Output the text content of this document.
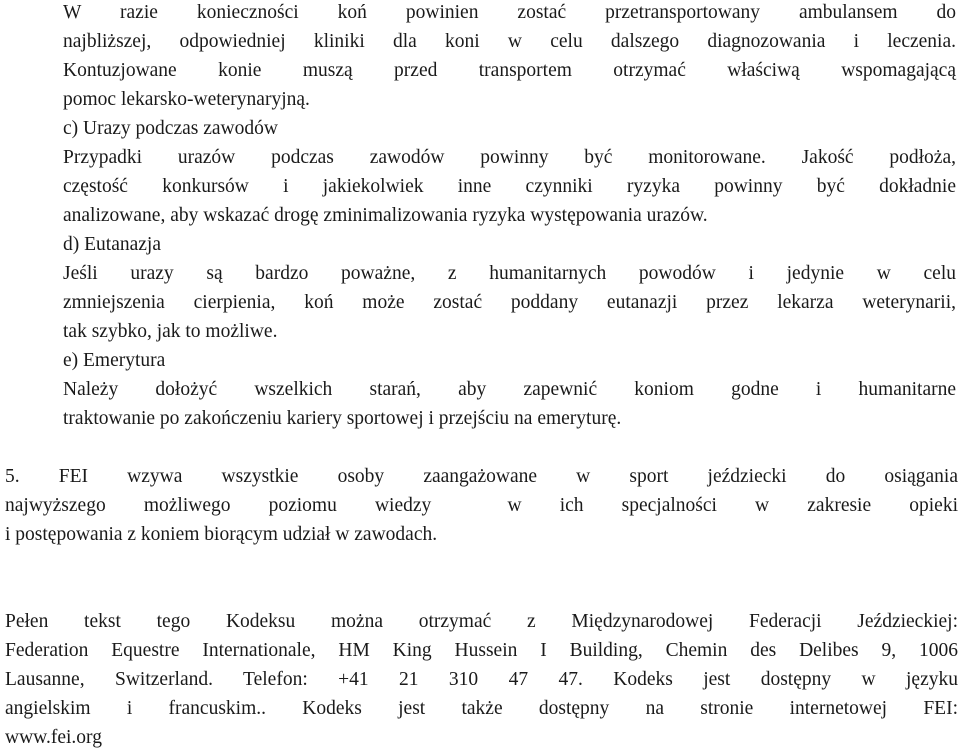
W razie konieczności koń powinien zostać przetransportowany ambulansem do
najbliższej, odpowiedniej kliniki dla koni w celu dalszego diagnozowania i leczenia.
Kontuzjowane konie muszą przed transportem otrzymać właściwą wspomagającą
pomoc lekarsko-weterynaryjną.
c) Urazy podczas zawodów
Przypadki urazów podczas zawodów powinny być monitorowane. Jakość podłoża,
częstość konkursów i jakiekolwiek inne czynniki ryzyka powinny być dokładnie
analizowane, aby wskazać drogę zminimalizowania ryzyka występowania urazów.
d) Eutanazja
Jeśli urazy są bardzo poważne, z humanitarnych powodów i jedynie w celu
zmniejszenia cierpienia, koń może zostać poddany eutanazji przez lekarza weterynarii,
tak szybko, jak to możliwe.
e) Emerytura
Należy dołożyć wszelkich starań, aby zapewnić koniom godne i humanitarne
traktowanie po zakończeniu kariery sportowej i przejściu na emeryturę.
5. FEI wzywa wszystkie osoby zaangażowane w sport jeździecki do osiągania
najwyższego możliwego poziomu wiedzy  w ich specjalności w zakresie opieki
i postępowania z koniem biorącym udział w zawodach.
Pełen tekst tego Kodeksu można otrzymać z Międzynarodowej Federacji Jeździeckiej:
Federation Equestre Internationale, HM King Hussein I Building, Chemin des Delibes 9, 1006
Lausanne, Switzerland. Telefon: +41 21 310 47 47. Kodeks jest dostępny w języku
angielskim i francuskim.. Kodeks jest także dostępny na stronie internetowej FEI:
www.fei.org
